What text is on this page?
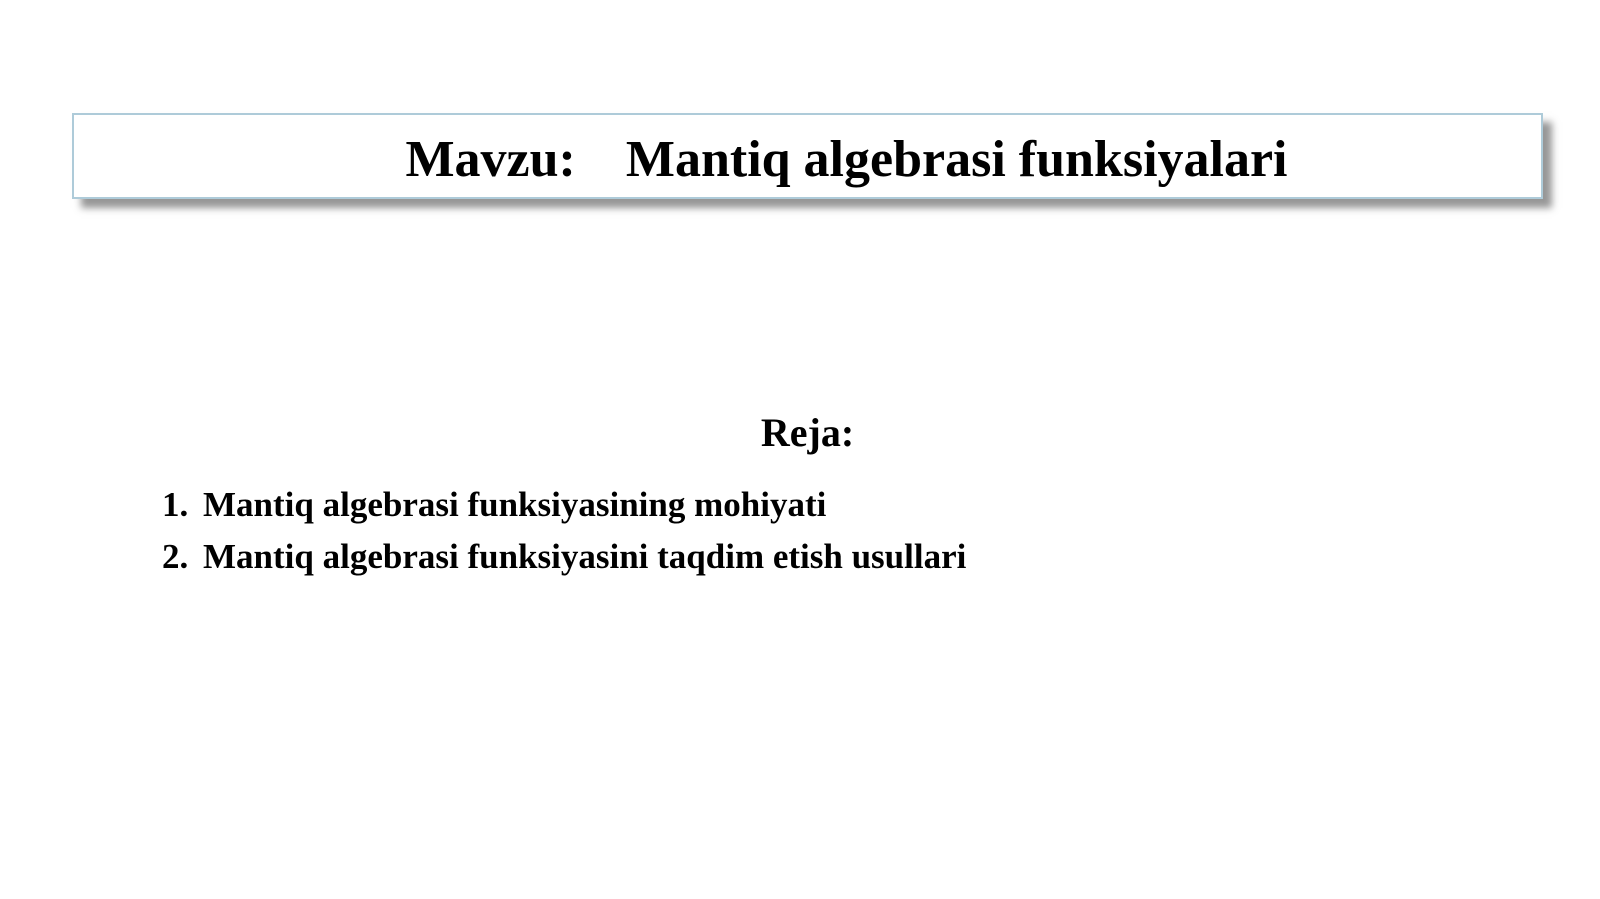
Mavzu: Mantiq algebrasi funksiyalari

Reja:
1. Mantiq algebrasi funksiyasining mohiyati
2. Mantiq algebrasi funksiyasini taqdim etish usullari
